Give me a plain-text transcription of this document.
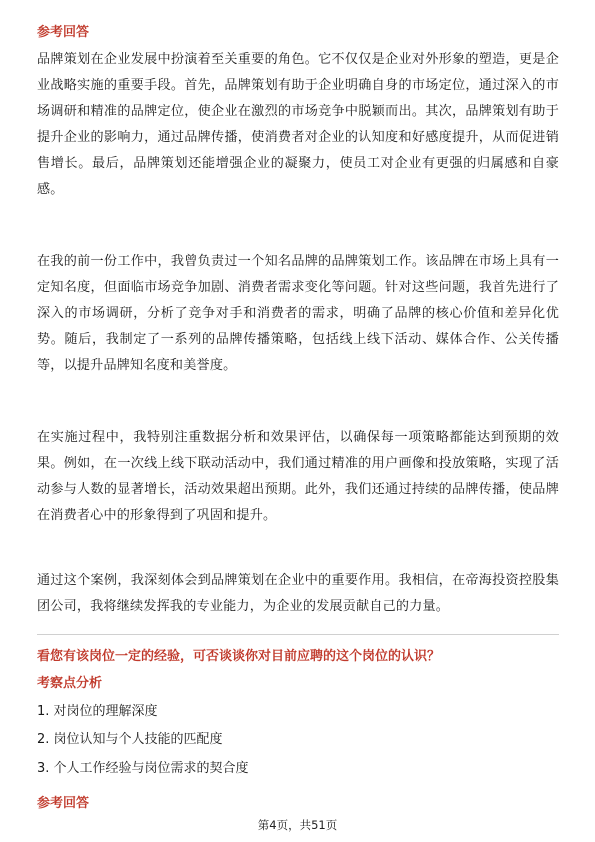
参考回答

品牌策划在企业发展中扮演着至关重要的角色。它不仅仅是企业对外形象的塑造，更是企业战略实施的重要手段。首先，品牌策划有助于企业明确自身的市场定位，通过深入的市场调研和精准的品牌定位，使企业在激烈的市场竞争中脱颖而出。其次，品牌策划有助于提升企业的影响力，通过品牌传播，使消费者对企业的认知度和好感度提升，从而促进销售增长。最后，品牌策划还能增强企业的凝聚力，使员工对企业有更强的归属感和自豪感。

在我的前一份工作中，我曾负责过一个知名品牌的品牌策划工作。该品牌在市场上具有一定知名度，但面临市场竞争加剧、消费者需求变化等问题。针对这些问题，我首先进行了深入的市场调研，分析了竞争对手和消费者的需求，明确了品牌的核心价值和差异化优势。随后，我制定了一系列的品牌传播策略，包括线上线下活动、媒体合作、公关传播等，以提升品牌知名度和美誉度。

在实施过程中，我特别注重数据分析和效果评估，以确保每一项策略都能达到预期的效果。例如，在一次线上线下联动活动中，我们通过精准的用户画像和投放策略，实现了活动参与人数的显著增长，活动效果超出预期。此外，我们还通过持续的品牌传播，使品牌在消费者心中的形象得到了巩固和提升。

通过这个案例，我深刻体会到品牌策划在企业中的重要作用。我相信，在帝海投资控股集团公司，我将继续发挥我的专业能力，为企业的发展贡献自己的力量。

看您有该岗位一定的经验，可否谈谈你对目前应聘的这个岗位的认识？
考察点分析
1. 对岗位的理解深度
2. 岗位认知与个人技能的匹配度
3. 个人工作经验与岗位需求的契合度
参考回答
第4页，共51页
